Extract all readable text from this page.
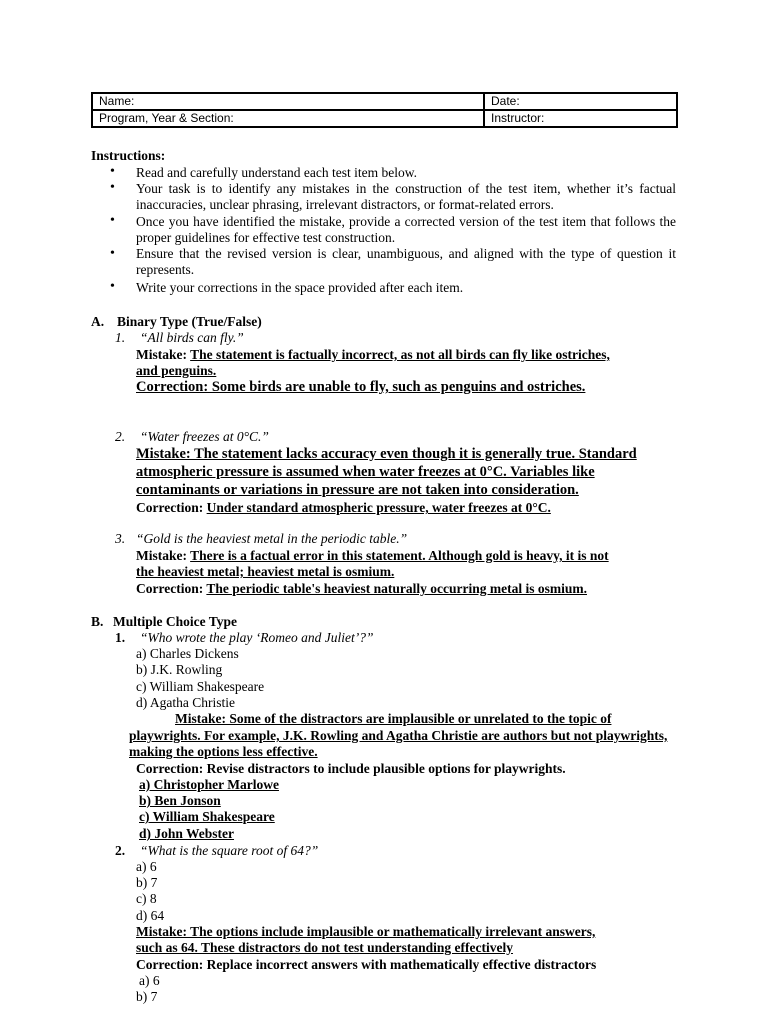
Name:	Date:
Program, Year & Section:	Instructor:
Instructions:
• Read and carefully understand each test item below.
• Your task is to identify any mistakes in the construction of the test item, whether it’s factual inaccuracies, unclear phrasing, irrelevant distractors, or format-related errors.
• Once you have identified the mistake, provide a corrected version of the test item that follows the proper guidelines for effective test construction.
• Ensure that the revised version is clear, unambiguous, and aligned with the type of question it represents.
• Write your corrections in the space provided after each item.
A. Binary Type (True/False)
1. “All birds can fly.”
Mistake: The statement is factually incorrect, as not all birds can fly like ostriches,
and penguins.
Correction: Some birds are unable to fly, such as penguins and ostriches.
2. “Water freezes at 0°C.”
Mistake: The statement lacks accuracy even though it is generally true. Standard
atmospheric pressure is assumed when water freezes at 0°C. Variables like
contaminants or variations in pressure are not taken into consideration.
Correction: Under standard atmospheric pressure, water freezes at 0°C.
3. “Gold is the heaviest metal in the periodic table.”
Mistake: There is a factual error in this statement. Although gold is heavy, it is not
the heaviest metal; heaviest metal is osmium.
Correction: The periodic table's heaviest naturally occurring metal is osmium.
B. Multiple Choice Type
1. “Who wrote the play ‘Romeo and Juliet’?”
a) Charles Dickens
b) J.K. Rowling
c) William Shakespeare
d) Agatha Christie
Mistake: Some of the distractors are implausible or unrelated to the topic of
playwrights. For example, J.K. Rowling and Agatha Christie are authors but not playwrights,
making the options less effective.
Correction: Revise distractors to include plausible options for playwrights.
a) Christopher Marlowe
b) Ben Jonson
c) William Shakespeare
d) John Webster
2. “What is the square root of 64?”
a) 6
b) 7
c) 8
d) 64
Mistake: The options include implausible or mathematically irrelevant answers,
such as 64. These distractors do not test understanding effectively
Correction: Replace incorrect answers with mathematically effective distractors
a) 6
b) 7
